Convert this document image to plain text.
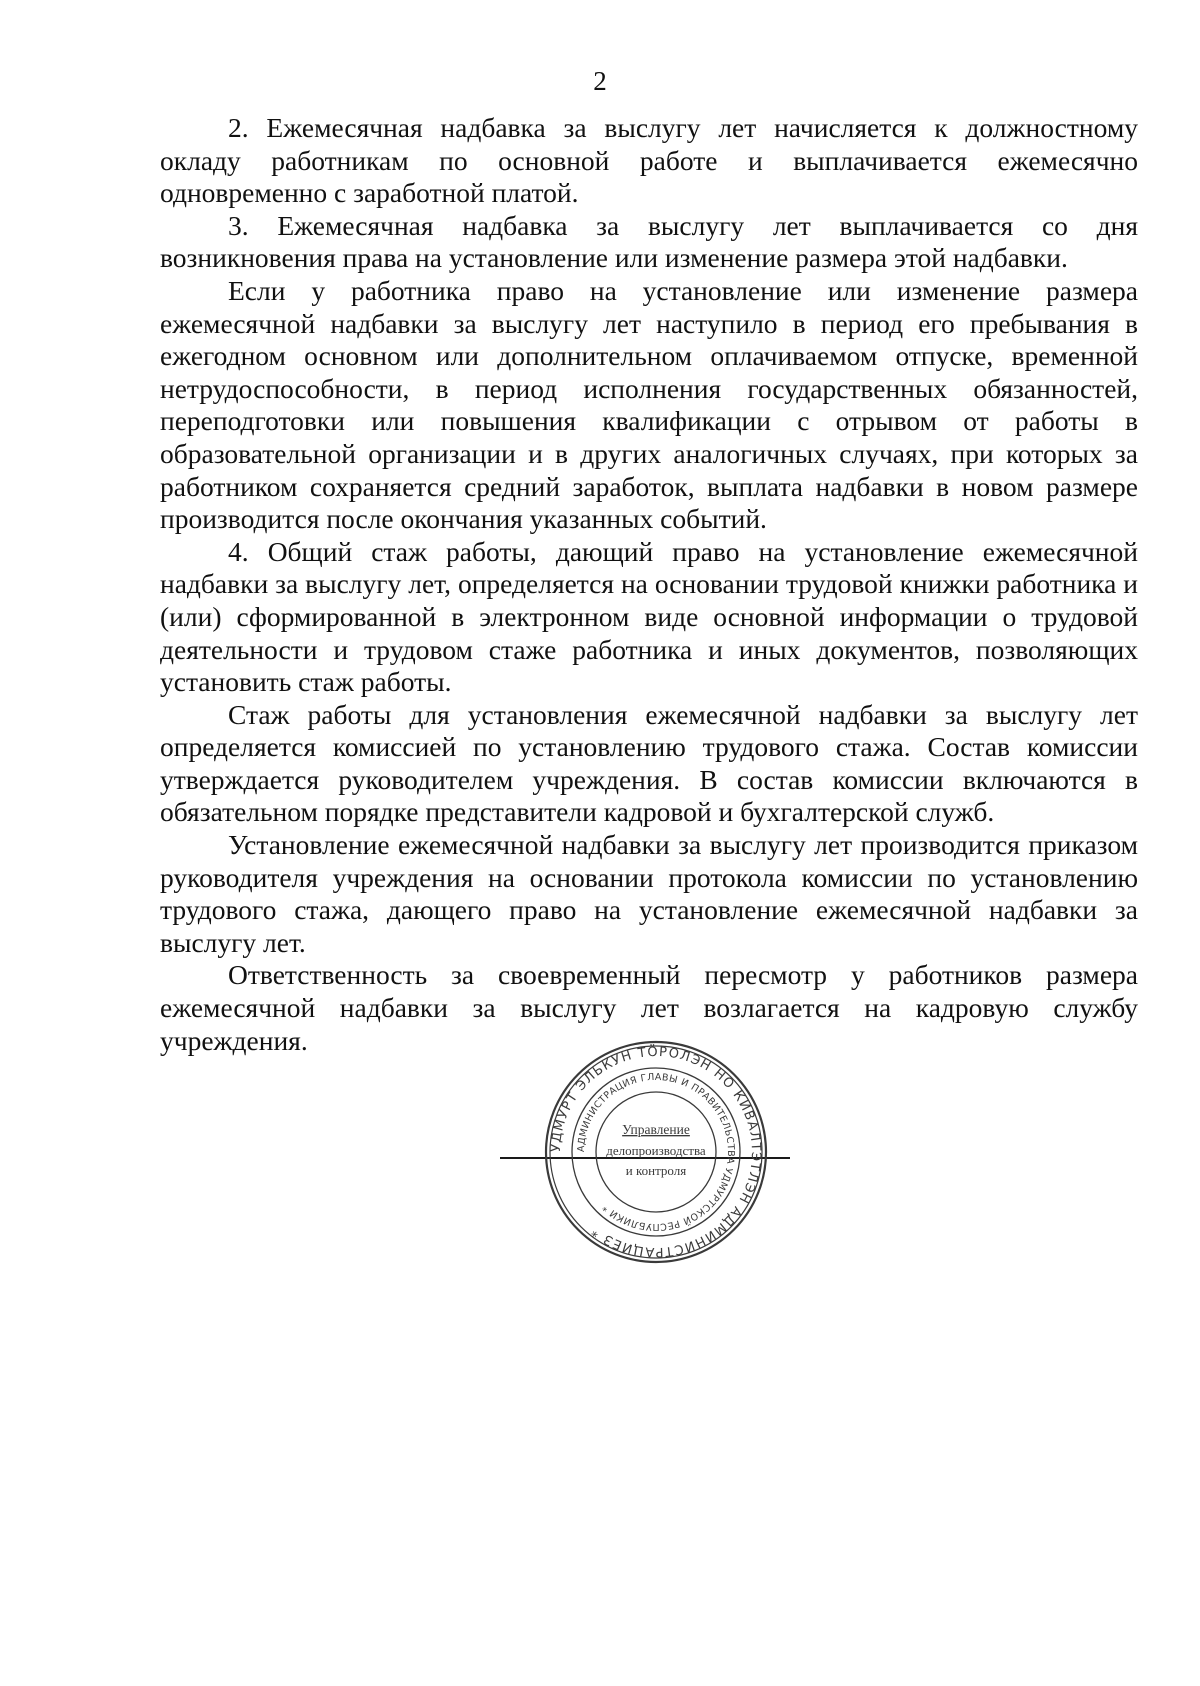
2

2. Ежемесячная надбавка за выслугу лет начисляется к должностному окладу работникам по основной работе и выплачивается ежемесячно одновременно с заработной платой.

3. Ежемесячная надбавка за выслугу лет выплачивается со дня возникновения права на установление или изменение размера этой надбавки.

Если у работника право на установление или изменение размера ежемесячной надбавки за выслугу лет наступило в период его пребывания в ежегодном основном или дополнительном оплачиваемом отпуске, временной нетрудоспособности, в период исполнения государственных обязанностей, переподготовки или повышения квалификации с отрывом от работы в образовательной организации и в других аналогичных случаях, при которых за работником сохраняется средний заработок, выплата надбавки в новом размере производится после окончания указанных событий.

4. Общий стаж работы, дающий право на установление ежемесячной надбавки за выслугу лет, определяется на основании трудовой книжки работника и (или) сформированной в электронном виде основной информации о трудовой деятельности и трудовом стаже работника и иных документов, позволяющих установить стаж работы.

Стаж работы для установления ежемесячной надбавки за выслугу лет определяется комиссией по установлению трудового стажа. Состав комиссии утверждается руководителем учреждения. В состав комиссии включаются в обязательном порядке представители кадровой и бухгалтерской служб.

Установление ежемесячной надбавки за выслугу лет производится приказом руководителя учреждения на основании протокола комиссии по установлению трудового стажа, дающего право на установление ежемесячной надбавки за выслугу лет.

Ответственность за своевременный пересмотр у работников размера ежемесячной надбавки за выслугу лет возлагается на кадровую службу учреждения.

УДМУРТ ЭЛЬКУН ТӦРОЛЭН НО КИВАЛТЭТЛЭН АДМИНИСТРАЦИЕЗ *
АДМИНИСТРАЦИЯ ГЛАВЫ И ПРАВИТЕЛЬСТВА УДМУРТСКОЙ РЕСПУБЛИКИ *
Управление
делопроизводства
и контроля
